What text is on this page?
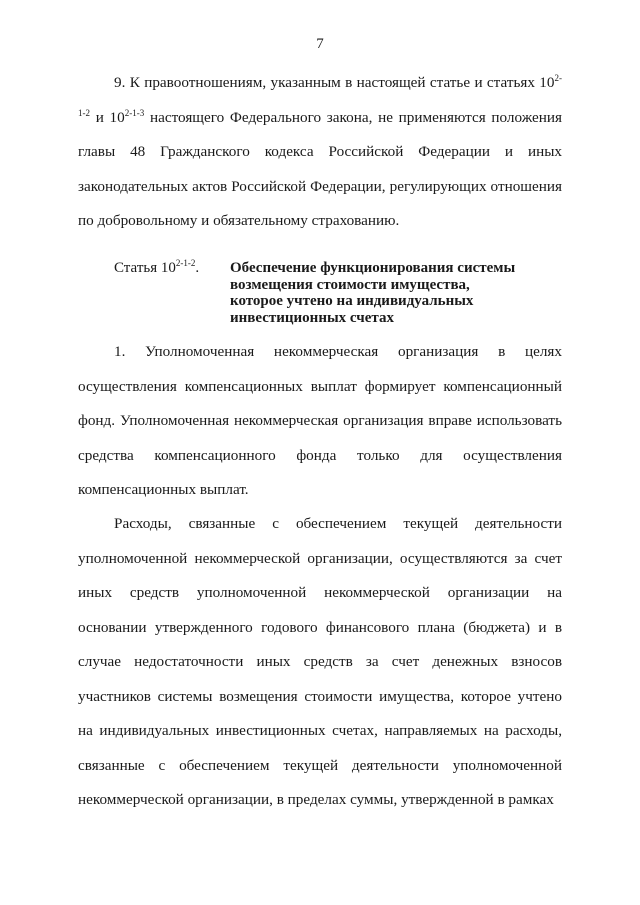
7

9. К правоотношениям, указанным в настоящей статье и статьях 10$^{2-1-2}$ и 10$^{2-1-3}$ настоящего Федерального закона, не применяются положения главы 48 Гражданского кодекса Российской Федерации и иных законодательных актов Российской Федерации, регулирующих отношения по добровольному и обязательному страхованию.

Статья 10$^{2-1-2}$. Обеспечение функционирования системы
возмещения стоимости имущества,
которое учтено на индивидуальных
инвестиционных счетах

1. Уполномоченная некоммерческая организация в целях осуществления компенсационных выплат формирует компенсационный фонд. Уполномоченная некоммерческая организация вправе использовать средства компенсационного фонда только для осуществления компенсационных выплат.

Расходы, связанные с обеспечением текущей деятельности уполномоченной некоммерческой организации, осуществляются за счет иных средств уполномоченной некоммерческой организации на основании утвержденного годового финансового плана (бюджета) и в случае недостаточности иных средств за счет денежных взносов участников системы возмещения стоимости имущества, которое учтено на индивидуальных инвестиционных счетах, направляемых на расходы, связанные с обеспечением текущей деятельности уполномоченной некоммерческой организации, в пределах суммы, утвержденной в рамках
